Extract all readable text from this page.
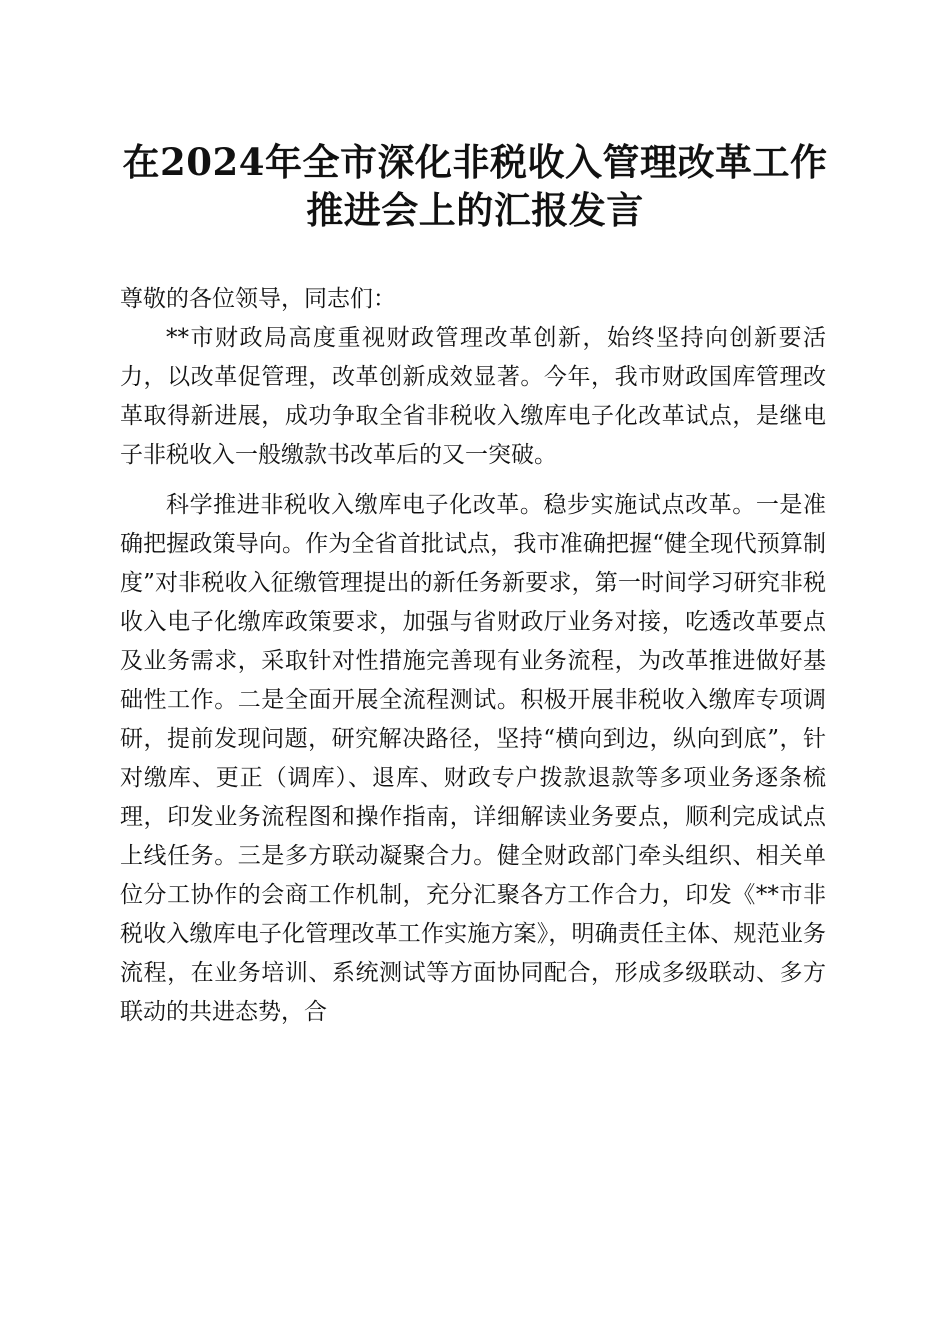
在2024年全市深化非税收入管理改革工作推进会上的汇报发言

尊敬的各位领导，同志们：

**市财政局高度重视财政管理改革创新，始终坚持向创新要活力，以改革促管理，改革创新成效显著。今年，我市财政国库管理改革取得新进展，成功争取全省非税收入缴库电子化改革试点，是继电子非税收入一般缴款书改革后的又一突破。

科学推进非税收入缴库电子化改革。稳步实施试点改革。一是准确把握政策导向。作为全省首批试点，我市准确把握“健全现代预算制度”对非税收入征缴管理提出的新任务新要求，第一时间学习研究非税收入电子化缴库政策要求，加强与省财政厅业务对接，吃透改革要点及业务需求，采取针对性措施完善现有业务流程，为改革推进做好基础性工作。二是全面开展全流程测试。积极开展非税收入缴库专项调研，提前发现问题，研究解决路径，坚持“横向到边，纵向到底”，针对缴库、更正（调库）、退库、财政专户拨款退款等多项业务逐条梳理，印发业务流程图和操作指南，详细解读业务要点，顺利完成试点上线任务。三是多方联动凝聚合力。健全财政部门牵头组织、相关单位分工协作的会商工作机制，充分汇聚各方工作合力，印发《**市非税收入缴库电子化管理改革工作实施方案》，明确责任主体、规范业务流程，在业务培训、系统测试等方面协同配合，形成多级联动、多方联动的共进态势，合
